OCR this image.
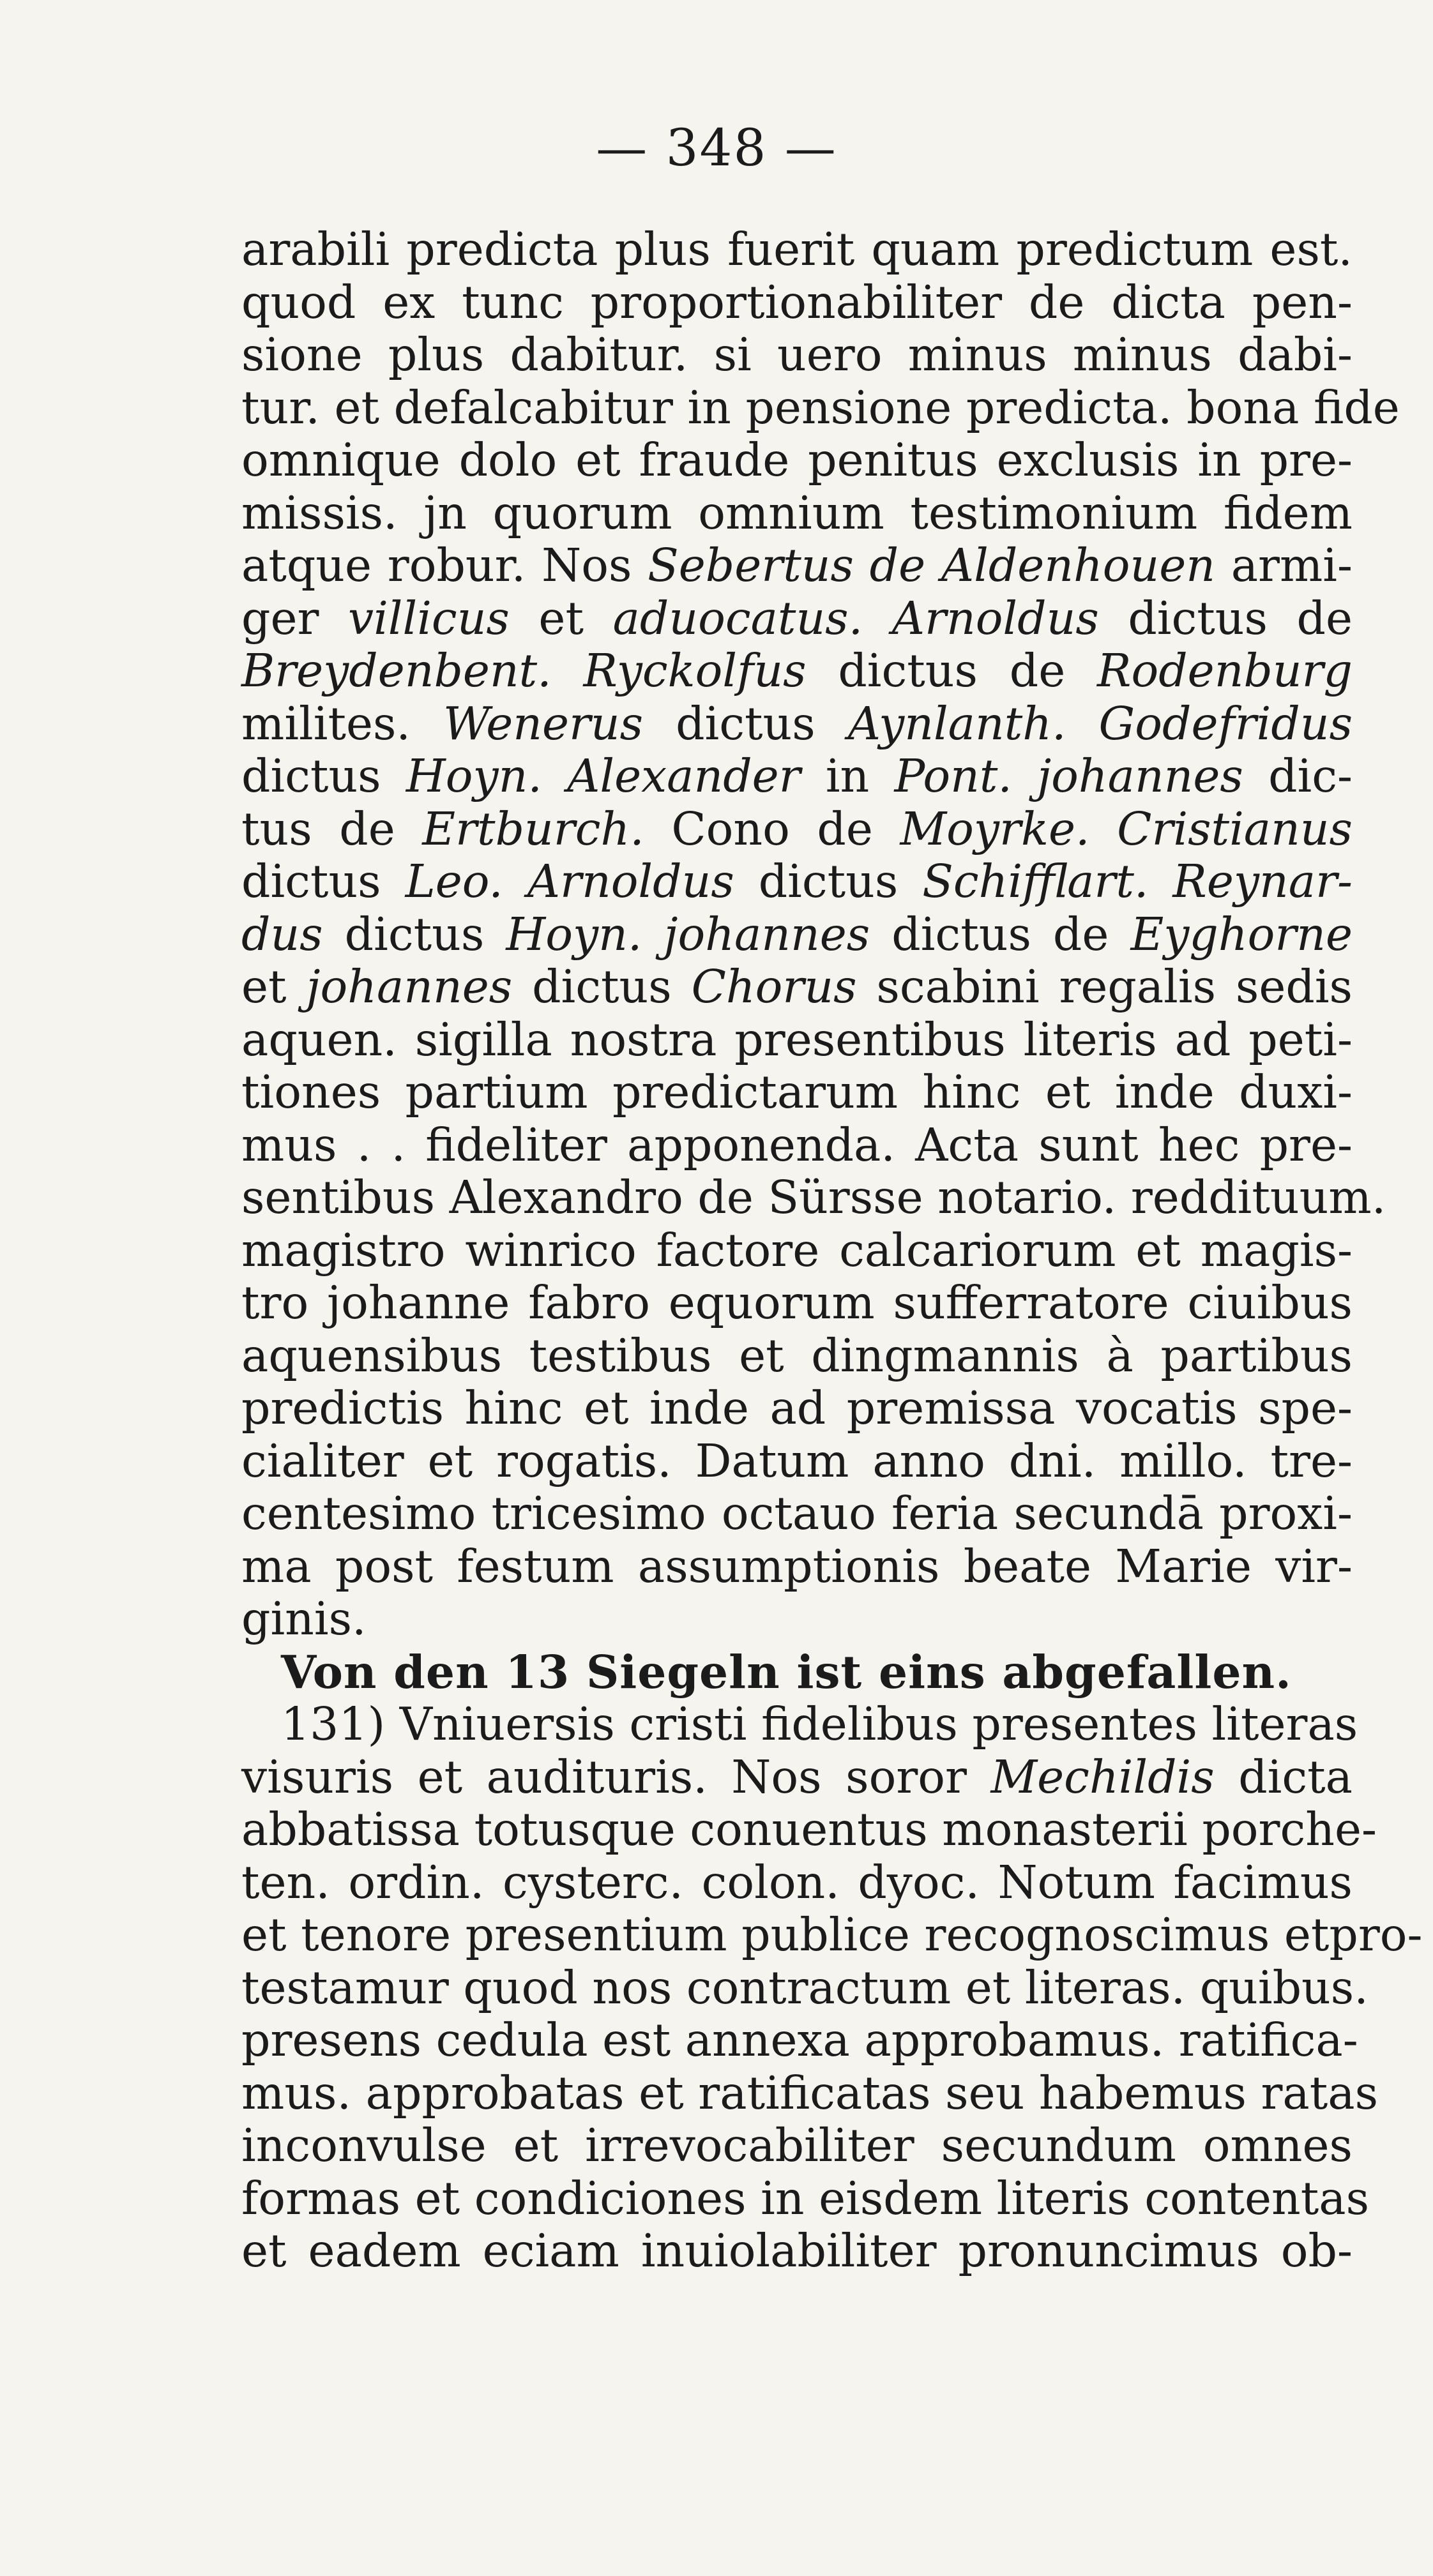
— 348 —
arabili predicta plus fuerit quam predictum est.
quod ex tunc proportionabiliter de dicta pen-
sione plus dabitur. si uero minus minus dabi-
tur. et defalcabitur in pensione predicta. bona fide
omnique dolo et fraude penitus exclusis in pre-
missis. jn quorum omnium testimonium fidem
atque robur. Nos Sebertus de Aldenhouen armi-
ger villicus et aduocatus. Arnoldus dictus de
Breydenbent. Ryckolfus dictus de Rodenburg
milites. Wenerus dictus Aynlanth. Godefridus
dictus Hoyn. Alexander in Pont. johannes dic-
tus de Ertburch. Cono de Moyrke. Cristianus
dictus Leo. Arnoldus dictus Schifflart. Reynar-
dus dictus Hoyn. johannes dictus de Eyghorne
et johannes dictus Chorus scabini regalis sedis
aquen. sigilla nostra presentibus literis ad peti-
tiones partium predictarum hinc et inde duxi-
mus . . fideliter apponenda. Acta sunt hec pre-
sentibus Alexandro de Sürsse notario. reddituum.
magistro winrico factore calcariorum et magis-
tro johanne fabro equorum sufferratore ciuibus
aquensibus testibus et dingmannis à partibus
predictis hinc et inde ad premissa vocatis spe-
cialiter et rogatis. Datum anno dni. millo. tre-
centesimo tricesimo octauo feria secundā proxi-
ma post festum assumptionis beate Marie vir-
ginis.
Von den 13 Siegeln ist eins abgefallen.
131) Vniuersis cristi fidelibus presentes literas
visuris et audituris. Nos soror Mechildis dicta
abbatissa totusque conuentus monasterii porche-
ten. ordin. cysterc. colon. dyoc. Notum facimus
et tenore presentium publice recognoscimus etpro-
testamur quod nos contractum et literas. quibus.
presens cedula est annexa approbamus. ratifica-
mus. approbatas et ratificatas seu habemus ratas
inconvulse et irrevocabiliter secundum omnes
formas et condiciones in eisdem literis contentas
et eadem eciam inuiolabiliter pronuncimus ob-
